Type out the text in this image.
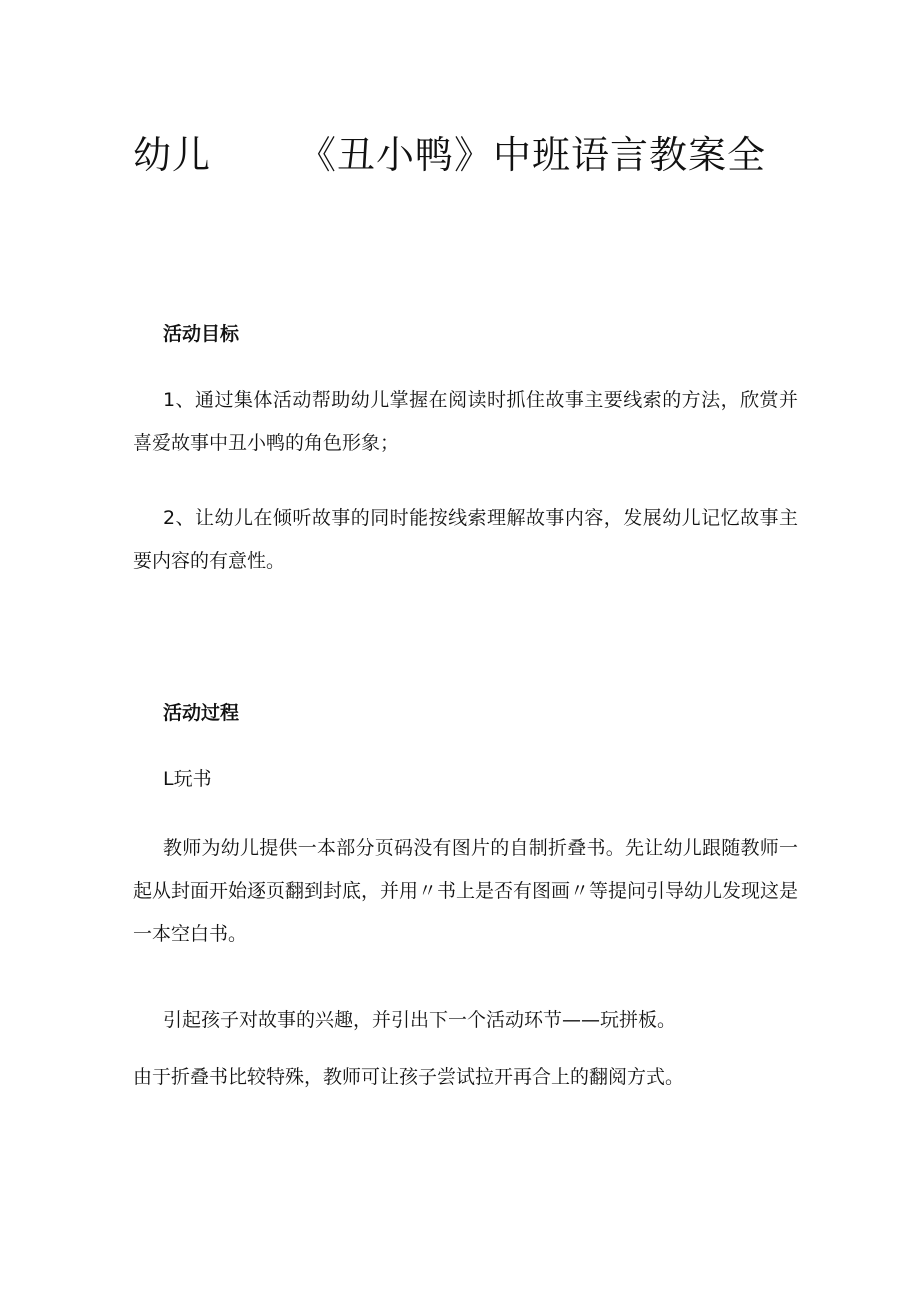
幼儿 《丑小鸭》中班语言教案全
活动目标
1、通过集体活动帮助幼儿掌握在阅读时抓住故事主要线索的方法，欣赏并喜爱故事中丑小鸭的角色形象；
2、让幼儿在倾听故事的同时能按线索理解故事内容，发展幼儿记忆故事主要内容的有意性。
活动过程
L玩书
教师为幼儿提供一本部分页码没有图片的自制折叠书。先让幼儿跟随教师一起从封面开始逐页翻到封底，并用〃书上是否有图画〃等提问引导幼儿发现这是一本空白书。
引起孩子对故事的兴趣，并引出下一个活动环节——玩拼板。
由于折叠书比较特殊，教师可让孩子尝试拉开再合上的翻阅方式。
